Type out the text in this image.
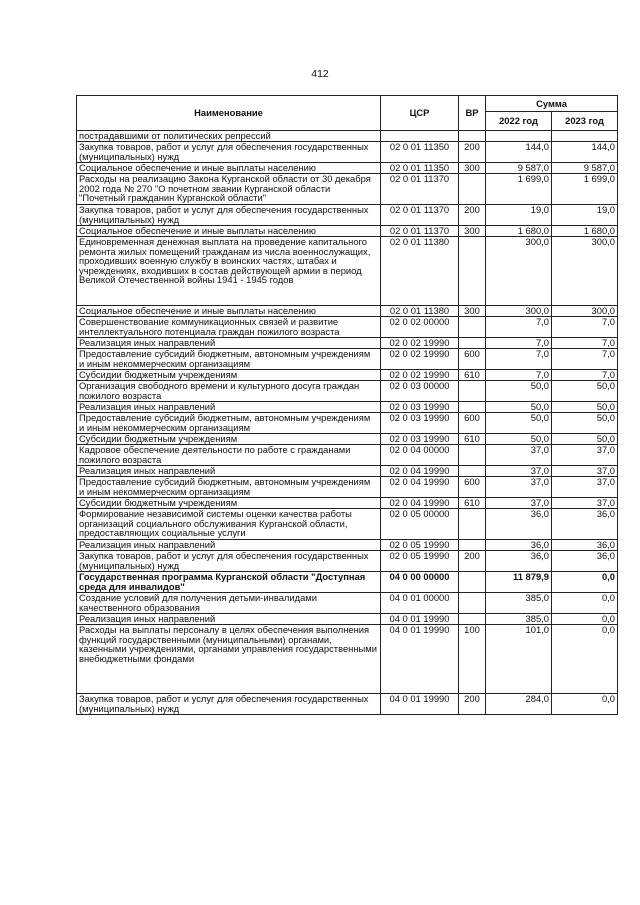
412
Наименование	ЦСР	ВР	Сумма	
			2022 год	2023 год
пострадавшими от политических репрессий				
Закупка товаров, работ и услуг для обеспечения государственных (муниципальных) нужд	02 0 01 11350	200	144,0	144,0
Социальное обеспечение и иные выплаты населению	02 0 01 11350	300	9 587,0	9 587,0
Расходы на реализацию Закона Курганской области от 30 декабря 2002 года № 270 "О почетном звании Курганской области "Почетный гражданин Курганской области"	02 0 01 11370		1 699,0	1 699,0
Закупка товаров, работ и услуг для обеспечения государственных (муниципальных) нужд	02 0 01 11370	200	19,0	19,0
Социальное обеспечение и иные выплаты населению	02 0 01 11370	300	1 680,0	1 680,0
Единовременная денежная выплата на проведение капитального ремонта жилых помещений гражданам из числа военнослужащих, проходивших военную службу в воинских частях, штабах и учреждениях, входивших в состав действующей армии в период Великой Отечественной войны 1941 - 1945 годов	02 0 01 11380		300,0	300,0
Социальное обеспечение и иные выплаты населению	02 0 01 11380	300	300,0	300,0
Совершенствование коммуникационных связей и развитие интеллектуального потенциала граждан пожилого возраста	02 0 02 00000		7,0	7,0
Реализация иных направлений	02 0 02 19990		7,0	7,0
Предоставление субсидий бюджетным, автономным учреждениям и иным некоммерческим организациям	02 0 02 19990	600	7,0	7,0
Субсидии бюджетным учреждениям	02 0 02 19990	610	7,0	7,0
Организация свободного времени и культурного досуга граждан пожилого возраста	02 0 03 00000		50,0	50,0
Реализация иных направлений	02 0 03 19990		50,0	50,0
Предоставление субсидий бюджетным, автономным учреждениям и иным некоммерческим организациям	02 0 03 19990	600	50,0	50,0
Субсидии бюджетным учреждениям	02 0 03 19990	610	50,0	50,0
Кадровое обеспечение деятельности по работе с гражданами пожилого возраста	02 0 04 00000		37,0	37,0
Реализация иных направлений	02 0 04 19990		37,0	37,0
Предоставление субсидий бюджетным, автономным учреждениям и иным некоммерческим организациям	02 0 04 19990	600	37,0	37,0
Субсидии бюджетным учреждениям	02 0 04 19990	610	37,0	37,0
Формирование независимой системы оценки качества работы организаций социального обслуживания Курганской области, предоставляющих социальные услуги	02 0 05 00000		36,0	36,0
Реализация иных направлений	02 0 05 19990		36,0	36,0
Закупка товаров, работ и услуг для обеспечения государственных (муниципальных) нужд	02 0 05 19990	200	36,0	36,0
Государственная программа Курганской области "Доступная среда для инвалидов"	04 0 00 00000		11 879,9	0,0
Создание условий для получения детьми-инвалидами качественного образования	04 0 01 00000		385,0	0,0
Реализация иных направлений	04 0 01 19990		385,0	0,0
Расходы на выплаты персоналу в целях обеспечения выполнения функций государственными (муниципальными) органами, казенными учреждениями, органами управления государственными внебюджетными фондами	04 0 01 19990	100	101,0	0,0
Закупка товаров, работ и услуг для обеспечения государственных (муниципальных) нужд	04 0 01 19990	200	284,0	0,0
